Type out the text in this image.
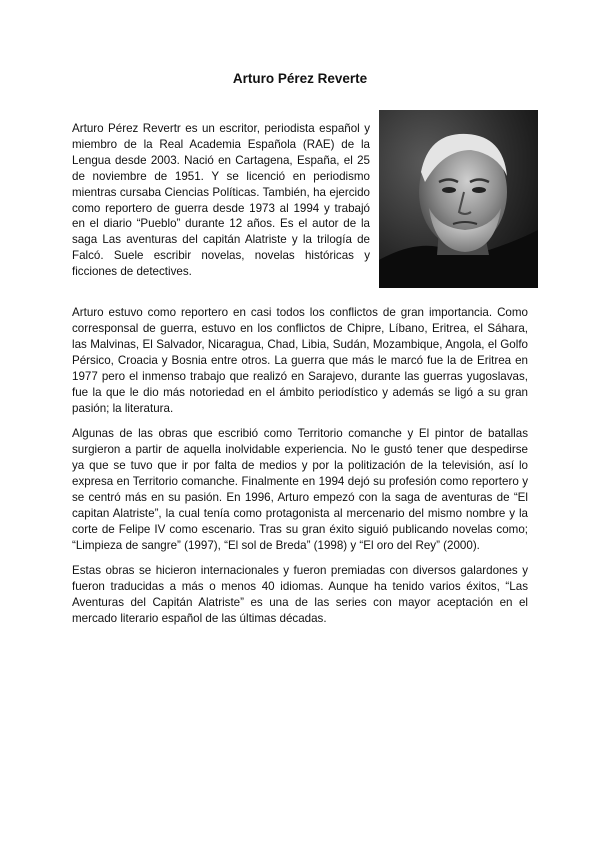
Arturo Pérez Reverte
Arturo Pérez Revertr es un escritor, periodista español y miembro de la Real Academia Española (RAE) de la Lengua desde 2003. Nació en Cartagena, España, el 25 de noviembre de 1951. Y se licenció en periodismo mientras cursaba Ciencias Políticas. También, ha ejercido como reportero de guerra desde 1973 al 1994 y trabajó en el diario “Pueblo” durante 12 años. Es el autor de la saga Las aventuras del capitán Alatriste y la trilogía de Falcó. Suele escribir novelas, novelas históricas y ficciones de detectives.

Arturo estuvo como reportero en casi todos los conflictos de gran importancia. Como corresponsal de guerra, estuvo en los conflictos de Chipre, Líbano, Eritrea, el Sáhara, las Malvinas, El Salvador, Nicaragua, Chad, Libia, Sudán, Mozambique, Angola, el Golfo Pérsico, Croacia y Bosnia entre otros. La guerra que más le marcó fue la de Eritrea en 1977 pero el inmenso trabajo que realizó en Sarajevo, durante las guerras yugoslavas, fue la que le dio más notoriedad en el ámbito periodístico y además se ligó a su gran pasión; la literatura.

Algunas de las obras que escribió como Territorio comanche y El pintor de batallas surgieron a partir de aquella inolvidable experiencia. No le gustó tener que despedirse ya que se tuvo que ir por falta de medios y por la politización de la televisión, así lo expresa en Territorio comanche. Finalmente en 1994 dejó su profesión como reportero y se centró más en su pasión. En 1996, Arturo empezó con la saga de aventuras de “El capitan Alatriste”, la cual tenía como protagonista al mercenario del mismo nombre y la corte de Felipe IV como escenario. Tras su gran éxito siguió publicando novelas como; “Limpieza de sangre” (1997), “El sol de Breda” (1998) y “El oro del Rey” (2000).

Estas obras se hicieron internacionales y fueron premiadas con diversos galardones y fueron traducidas a más o menos 40 idiomas. Aunque ha tenido varios éxitos, “Las Aventuras del Capitán Alatriste” es una de las series con mayor aceptación en el mercado literario español de las últimas décadas.
